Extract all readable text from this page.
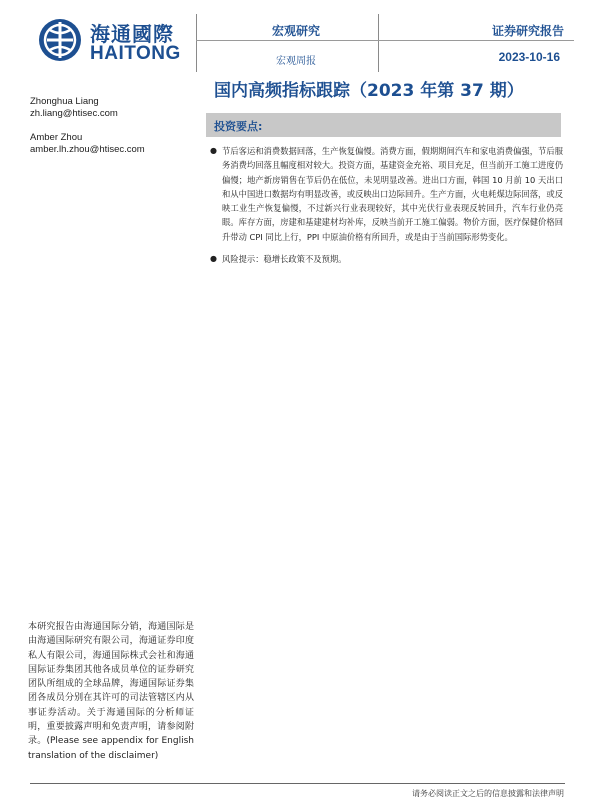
海通國際
HAITONG
宏观研究
宏观周报
证券研究报告
2023-10-16
国内高频指标跟踪（2023 年第 37 期）
Zhonghua Liang
zh.liang@htisec.com
Amber Zhou
amber.lh.zhou@htisec.com
投资要点:
● 节后客运和消费数据回落，生产恢复偏慢。消费方面，假期期间汽车和家电消费偏强，节后服务消费均回落且幅度相对较大。投资方面，基建资金充裕、项目充足，但当前开工施工进度仍偏慢；地产新房销售在节后仍在低位，未见明显改善。进出口方面，韩国 10 月前 10 天出口和从中国进口数据均有明显改善，或反映出口边际回升。生产方面，火电耗煤边际回落，或反映工业生产恢复偏慢，不过新兴行业表现较好，其中光伏行业表现反转回升，汽车行业仍亮眼。库存方面，房建和基建建材均补库，反映当前开工施工偏弱。物价方面，医疗保健价格回升带动 CPI 同比上行，PPI 中原油价格有所回升，或是由于当前国际形势变化。
● 风险提示：稳增长政策不及预期。
本研究报告由海通国际分销，海通国际是由海通国际研究有限公司，海通证券印度私人有限公司，海通国际株式会社和海通国际证券集团其他各成员单位的证券研究团队所组成的全球品牌，海通国际证券集团各成员分别在其许可的司法管辖区内从事证券活动。关于海通国际的分析师证明，重要披露声明和免责声明，请参阅附录。(Please see appendix for English translation of the disclaimer)
请务必阅读正文之后的信息披露和法律声明
